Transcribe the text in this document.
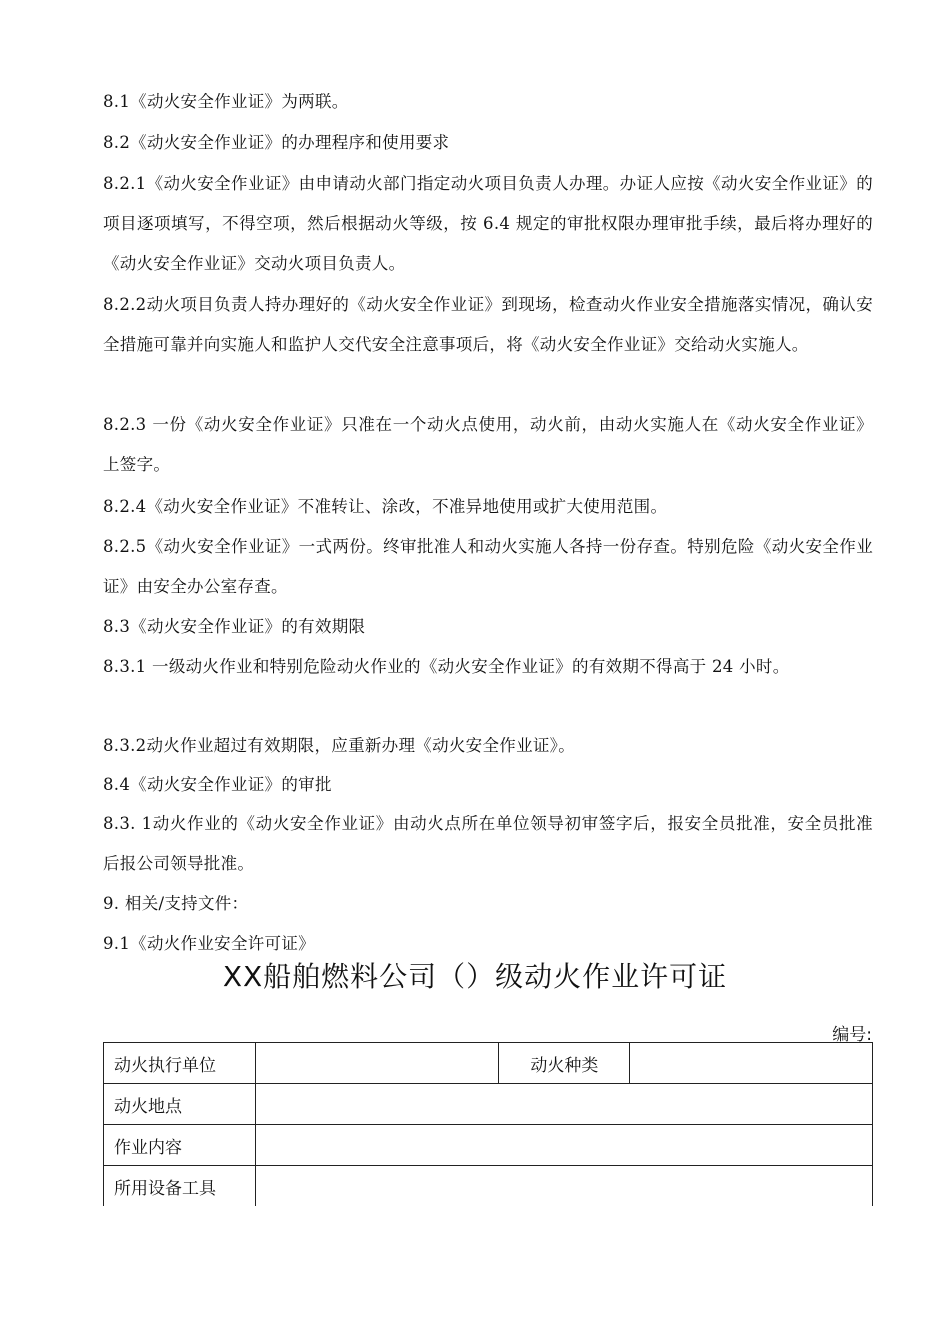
8.1《动火安全作业证》为两联。

8.2《动火安全作业证》的办理程序和使用要求

8.2.1《动火安全作业证》由申请动火部门指定动火项目负责人办理。办证人应按《动火安全作业证》的项目逐项填写，不得空项，然后根据动火等级，按 6.4 规定的审批权限办理审批手续，最后将办理好的《动火安全作业证》交动火项目负责人。

8.2.2动火项目负责人持办理好的《动火安全作业证》到现场，检查动火作业安全措施落实情况，确认安全措施可靠并向实施人和监护人交代安全注意事项后，将《动火安全作业证》交给动火实施人。

8.2.3 一份《动火安全作业证》只准在一个动火点使用，动火前，由动火实施人在《动火安全作业证》上签字。

8.2.4《动火安全作业证》不准转让、涂改，不准异地使用或扩大使用范围。

8.2.5《动火安全作业证》一式两份。终审批准人和动火实施人各持一份存查。特别危险《动火安全作业证》由安全办公室存查。

8.3《动火安全作业证》的有效期限

8.3.1 一级动火作业和特别危险动火作业的《动火安全作业证》的有效期不得高于 24 小时。

8.3.2动火作业超过有效期限，应重新办理《动火安全作业证》。

8.4《动火安全作业证》的审批

8.3. 1动火作业的《动火安全作业证》由动火点所在单位领导初审签字后，报安全员批准，安全员批准后报公司领导批准。

9. 相关/支持文件：

9.1《动火作业安全许可证》

XX船舶燃料公司（）级动火作业许可证
编号:
动火执行单位		动火种类	
动火地点			
作业内容			
所用设备工具			
